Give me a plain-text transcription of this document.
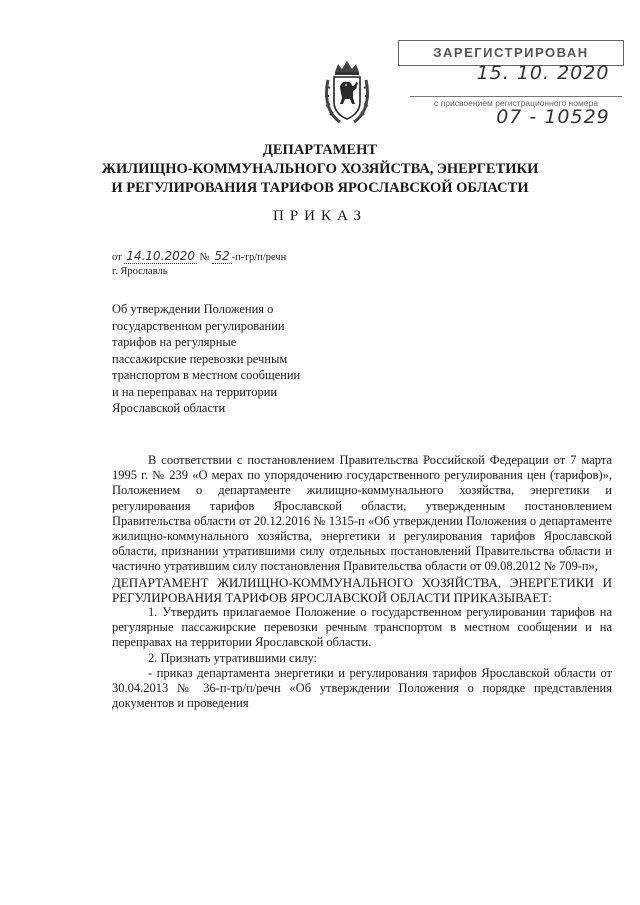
ЗАРЕГИСТРИРОВАН
15. 10. 2020
с присвоением регистрационного номера
07 - 10529
ДЕПАРТАМЕНТ
ЖИЛИЩНО-КОММУНАЛЬНОГО ХОЗЯЙСТВА, ЭНЕРГЕТИКИ
И РЕГУЛИРОВАНИЯ ТАРИФОВ ЯРОСЛАВСКОЙ ОБЛАСТИ
ПРИКАЗ
от 14.10.2020 № 52 -п-тр/п/речн
г. Ярославль
Об утверждении Положения о
государственном регулировании
тарифов на регулярные
пассажирские перевозки речным
транспортом в местном сообщении
и на переправах на территории
Ярославской области

В соответствии с постановлением Правительства Российской Федерации от 7 марта 1995 г. № 239 «О мерах по упорядочению государственного регулирования цен (тарифов)», Положением о департаменте жилищно-коммунального хозяйства, энергетики и регулирования тарифов Ярославской области, утвержденным постановлением Правительства области от 20.12.2016 № 1315-п «Об утверждении Положения о департаменте жилищно-коммунального хозяйства, энергетики и регулирования тарифов Ярославской области, признании утратившими силу отдельных постановлений Правительства области и частично утратившим силу постановления Правительства области от 09.08.2012 № 709-п»,

ДЕПАРТАМЕНТ ЖИЛИЩНО-КОММУНАЛЬНОГО ХОЗЯЙСТВА, ЭНЕРГЕТИКИ И РЕГУЛИРОВАНИЯ ТАРИФОВ ЯРОСЛАВСКОЙ ОБЛАСТИ ПРИКАЗЫВАЕТ:

1. Утвердить прилагаемое Положение о государственном регулировании тарифов на регулярные пассажирские перевозки речным транспортом в местном сообщении и на переправах на территории Ярославской области.

2. Признать утратившими силу:

- приказ департамента энергетики и регулирования тарифов Ярославской области от 30.04.2013 № 36-п-тр/п/речн «Об утверждении Положения о порядке представления документов и проведения
